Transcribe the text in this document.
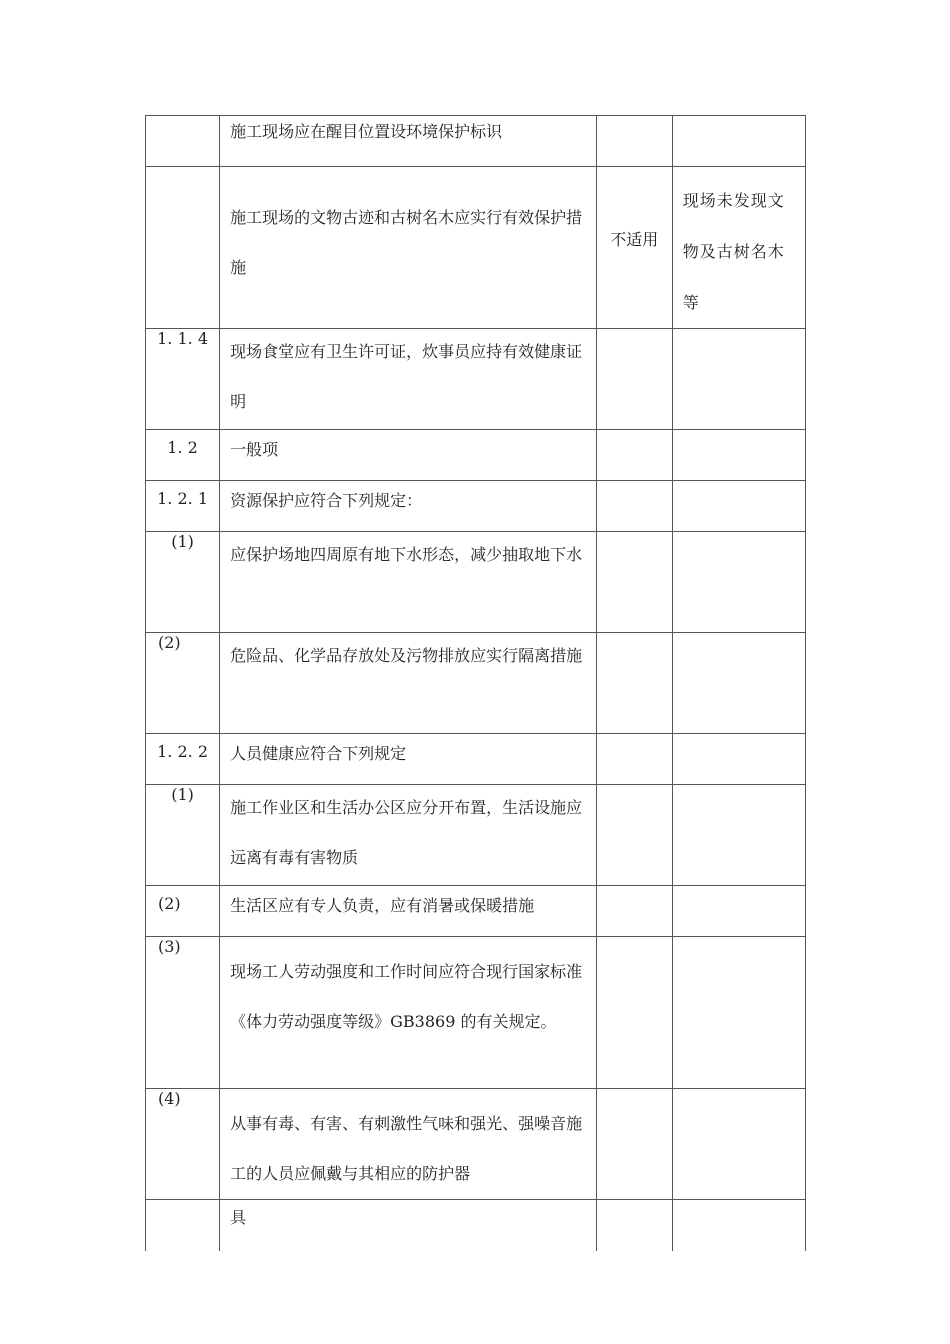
	施工现场应在醒目位置设环境保护标识		

	施工现场的文物古迹和古树名木应实行有效保护措施	不适用	现场未发现文物及古树名木等

1. 1. 4	现场食堂应有卫生许可证，炊事员应持有效健康证明		

1. 2	一般项		

1. 2. 1	资源保护应符合下列规定：		

(1)	应保护场地四周原有地下水形态，减少抽取地下水		

(2)	危险品、化学品存放处及污物排放应实行隔离措施		

1. 2. 2	人员健康应符合下列规定		

(1)	施工作业区和生活办公区应分开布置，生活设施应远离有毒有害物质		

(2)	生活区应有专人负责，应有消暑或保暖措施		

(3)	现场工人劳动强度和工作时间应符合现行国家标准《体力劳动强度等级》GB3869 的有关规定。		

(4)	从事有毒、有害、有刺激性气味和强光、强噪音施工的人员应佩戴与其相应的防护器		

	具		
